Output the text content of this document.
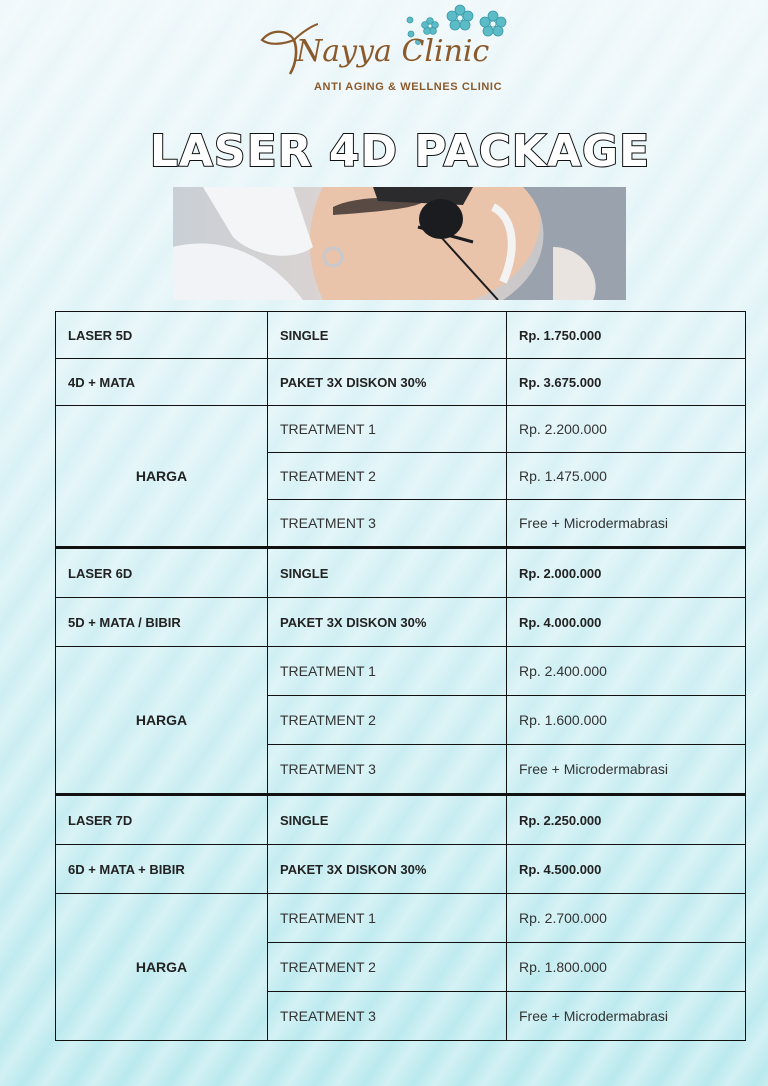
Nayya Clinic
ANTI AGING & WELLNES CLINIC
LASER 4D PACKAGE
LASER 5D	SINGLE	Rp. 1.750.000
4D + MATA	PAKET 3X DISKON 30%	Rp. 3.675.000
HARGA	TREATMENT 1	Rp. 2.200.000
	TREATMENT 2	Rp. 1.475.000
	TREATMENT 3	Free + Microdermabrasi
LASER 6D	SINGLE	Rp. 2.000.000
5D + MATA / BIBIR	PAKET 3X DISKON 30%	Rp. 4.000.000
HARGA	TREATMENT 1	Rp. 2.400.000
	TREATMENT 2	Rp. 1.600.000
	TREATMENT 3	Free + Microdermabrasi
LASER 7D	SINGLE	Rp. 2.250.000
6D + MATA + BIBIR	PAKET 3X DISKON 30%	Rp. 4.500.000
HARGA	TREATMENT 1	Rp. 2.700.000
	TREATMENT 2	Rp. 1.800.000
	TREATMENT 3	Free + Microdermabrasi
